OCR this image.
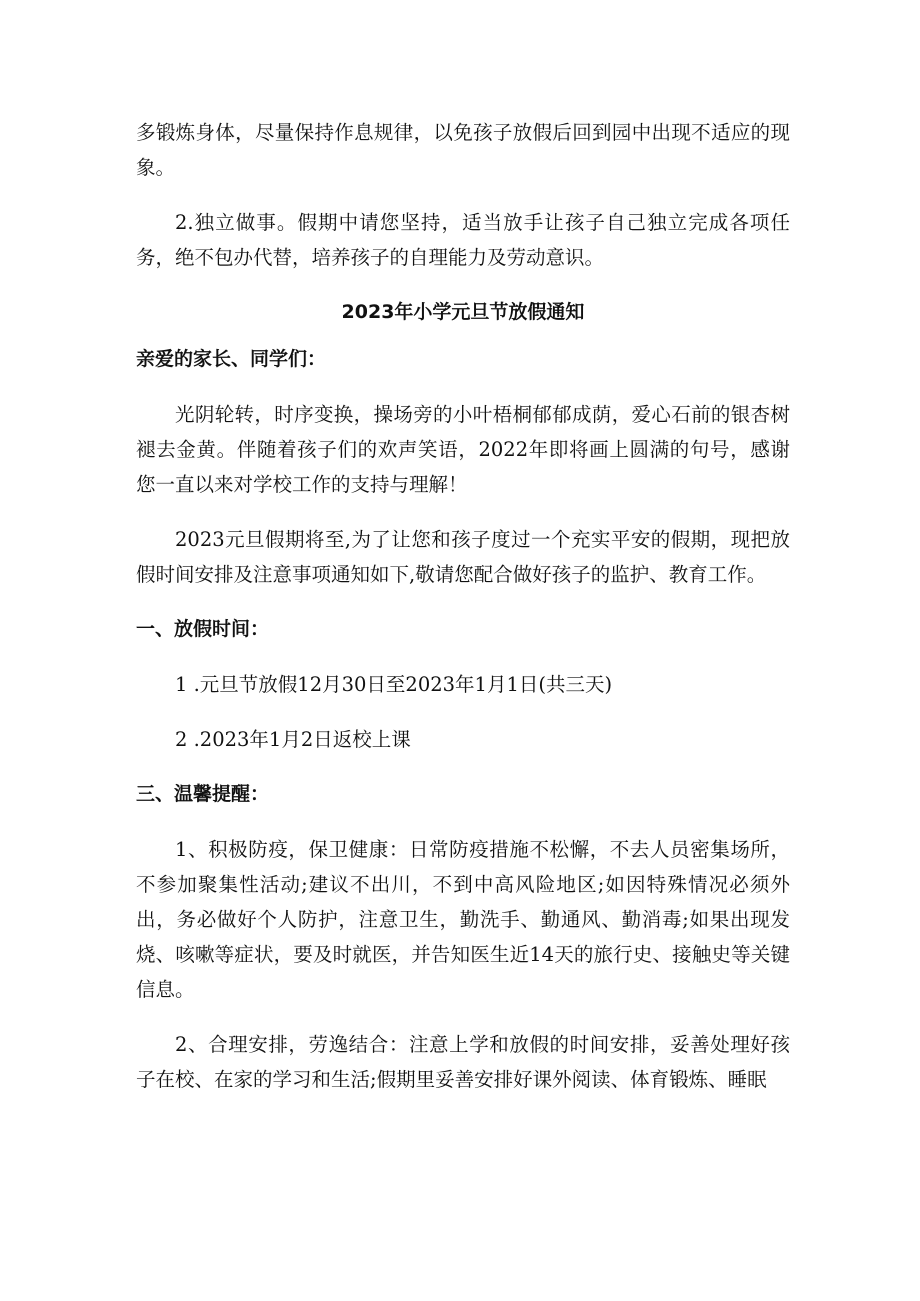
多锻炼身体，尽量保持作息规律，以免孩子放假后回到园中出现不适应的现象。

2.独立做事。假期中请您坚持，适当放手让孩子自己独立完成各项任务，绝不包办代替，培养孩子的自理能力及劳动意识。

2023年小学元旦节放假通知

亲爱的家长、同学们：

光阴轮转，时序变换，操场旁的小叶梧桐郁郁成荫，爱心石前的银杏树褪去金黄。伴随着孩子们的欢声笑语，2022年即将画上圆满的句号，感谢您一直以来对学校工作的支持与理解！

2023元旦假期将至,为了让您和孩子度过一个充实平安的假期，现把放假时间安排及注意事项通知如下,敬请您配合做好孩子的监护、教育工作。

一、放假时间：

1 .元旦节放假12月30日至2023年1月1日(共三天)

2 .2023年1月2日返校上课

三、温馨提醒：

1、积极防疫，保卫健康：日常防疫措施不松懈，不去人员密集场所，不参加聚集性活动;建议不出川，不到中高风险地区;如因特殊情况必须外出，务必做好个人防护，注意卫生，勤洗手、勤通风、勤消毒;如果出现发烧、咳嗽等症状，要及时就医，并告知医生近14天的旅行史、接触史等关键信息。

2、合理安排，劳逸结合：注意上学和放假的时间安排，妥善处理好孩子在校、在家的学习和生活;假期里妥善安排好课外阅读、体育锻炼、睡眠
